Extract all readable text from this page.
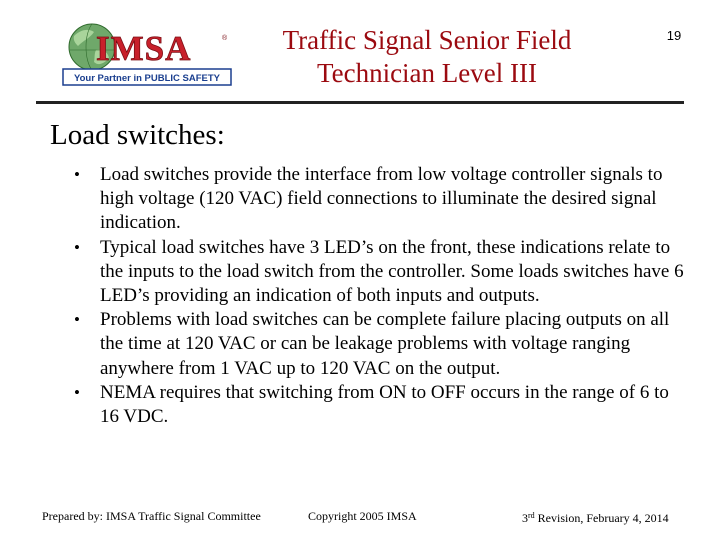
IMSA	®
Your Partner in PUBLIC SAFETY
Traffic Signal Senior Field
Technician Level III
19
Load switches:
• Load switches provide the interface from low voltage controller signals to high voltage (120 VAC) field connections to illuminate the desired signal indication.
• Typical load switches have 3 LED’s on the front, these indications relate to the inputs to the load switch from the controller. Some loads switches have 6 LED’s providing an indication of both inputs and outputs.
• Problems with load switches can be complete failure placing outputs on all the time at 120 VAC or can be leakage problems with voltage ranging anywhere from 1 VAC up to 120 VAC on the output.
• NEMA requires that switching from ON to OFF occurs in the range of 6 to 16 VDC.
Prepared by: IMSA Traffic Signal Committee	Copyright 2005 IMSA	3rd Revision, February 4, 2014
